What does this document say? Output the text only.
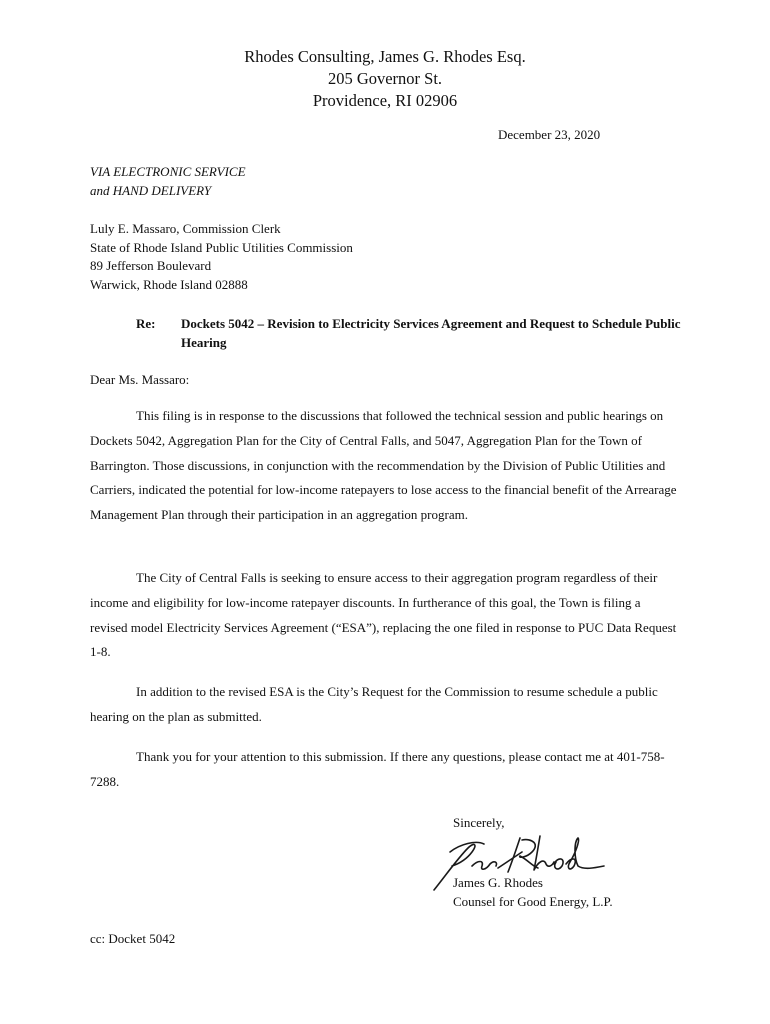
Rhodes Consulting, James G. Rhodes Esq.
205 Governor St.
Providence, RI 02906
December 23, 2020
VIA ELECTRONIC SERVICE
and HAND DELIVERY
Luly E. Massaro, Commission Clerk
State of Rhode Island Public Utilities Commission
89 Jefferson Boulevard
Warwick, Rhode Island 02888
Re: Dockets 5042 – Revision to Electricity Services Agreement and Request to Schedule Public Hearing
Dear Ms. Massaro:

This filing is in response to the discussions that followed the technical session and public hearings on Dockets 5042, Aggregation Plan for the City of Central Falls, and 5047, Aggregation Plan for the Town of Barrington. Those discussions, in conjunction with the recommendation by the Division of Public Utilities and Carriers, indicated the potential for low-income ratepayers to lose access to the financial benefit of the Arrearage Management Plan through their participation in an aggregation program.

The City of Central Falls is seeking to ensure access to their aggregation program regardless of their income and eligibility for low-income ratepayer discounts. In furtherance of this goal, the Town is filing a revised model Electricity Services Agreement (“ESA”), replacing the one filed in response to PUC Data Request 1-8.

In addition to the revised ESA is the City’s Request for the Commission to resume schedule a public hearing on the plan as submitted.

Thank you for your attention to this submission. If there any questions, please contact me at 401-758-7288.

Sincerely,
James G. Rhodes
Counsel for Good Energy, L.P.
cc: Docket 5042
